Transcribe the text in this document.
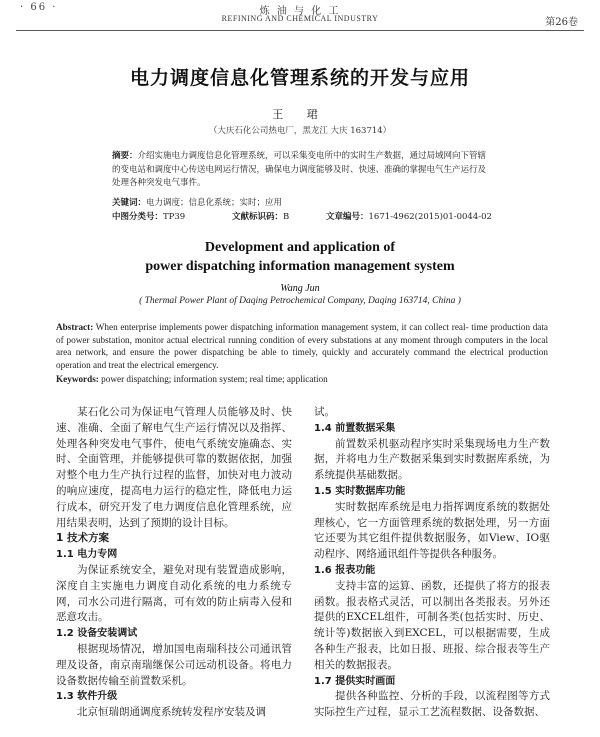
· 66 ·	炼 油 与 化 工
REFINING AND CHEMICAL INDUSTRY	第26卷
电力调度信息化管理系统的开发与应用
王 珺
（大庆石化公司热电厂，黑龙江 大庆 163714）
摘要：介绍实施电力调度信息化管理系统，可以采集变电所中的实时生产数据，通过局域网向下管辖的变电站和调度中心传送电网运行情况，确保电力调度能够及时、快速、准确的掌握电气生产运行及处理各种突发电气事件。
关键词：电力调度；信息化系统；实时；应用
中图分类号：TP39	文献标识码：B	文章编号：1671-4962(2015)01-0044-02
Development and application of
power dispatching information management system
Wang Jun
( Thermal Power Plant of Daqing Petrochemical Company, Daqing 163714, China )
Abstract: When enterprise implements power dispatching information management system, it can collect real- time production data of power substation, monitor actual electrical running condition of every substations at any moment through computers in the local area network, and ensure the power dispatching be able to timely, quickly and accurately command the electrical production operation and treat the electrical emergency.
Keywords: power dispatching; information system; real time; application

某石化公司为保证电气管理人员能够及时、快速、准确、全面了解电气生产运行情况以及指挥、处理各种突发电气事件，使电气系统安施确态、实时、全面管理，并能够提供可靠的数据依据，加强对整个电力生产执行过程的监督，加快对电力波动的响应速度，提高电力运行的稳定性，降低电力运行成本，研究开发了电力调度信息化管理系统，应用结果表明，达到了预期的设计目标。

1 技术方案
1.1 电力专网

为保证系统安全，避免对现有装置造成影响，深度自主实施电力调度自动化系统的电力系统专网，司水公司进行隔离，可有效的防止病毒入侵和恶意攻击。

1.2 设备安装调试

根据现场情况，增加国电南瑞科技公司通讯管理及设备，南京南瑞继保公司远动机设备。将电力设备数据传输至前置数采机。

1.3 软件升级

北京恒瑞朗通调度系统转发程序安装及调

试。

1.4 前置数据采集

前置数采机驱动程序实时采集现场电力生产数据，并将电力生产数据采集到实时数据库系统，为系统提供基础数据。

1.5 实时数据库功能

实时数据库系统是电力指挥调度系统的数据处理核心，它一方面管理系统的数据处理，另一方面它还要为其它组件提供数据服务，如View、IO驱动程序、网络通讯组件等提供各种服务。

1.6 报表功能

支持丰富的运算、函数，还提供了将方的报表函数。报表格式灵活，可以制出各类报表。另外还提供的EXCEL组件，可制各类(包括实时、历史、统计等)数据嵌入到EXCEL，可以根据需要，生成各种生产报表，比如日报、班报、综合报表等生产相关的数据报表。

1.7 提供实时画面

提供各种监控、分析的手段，以流程图等方式实际控生产过程，显示工艺流程数据、设备数据、
